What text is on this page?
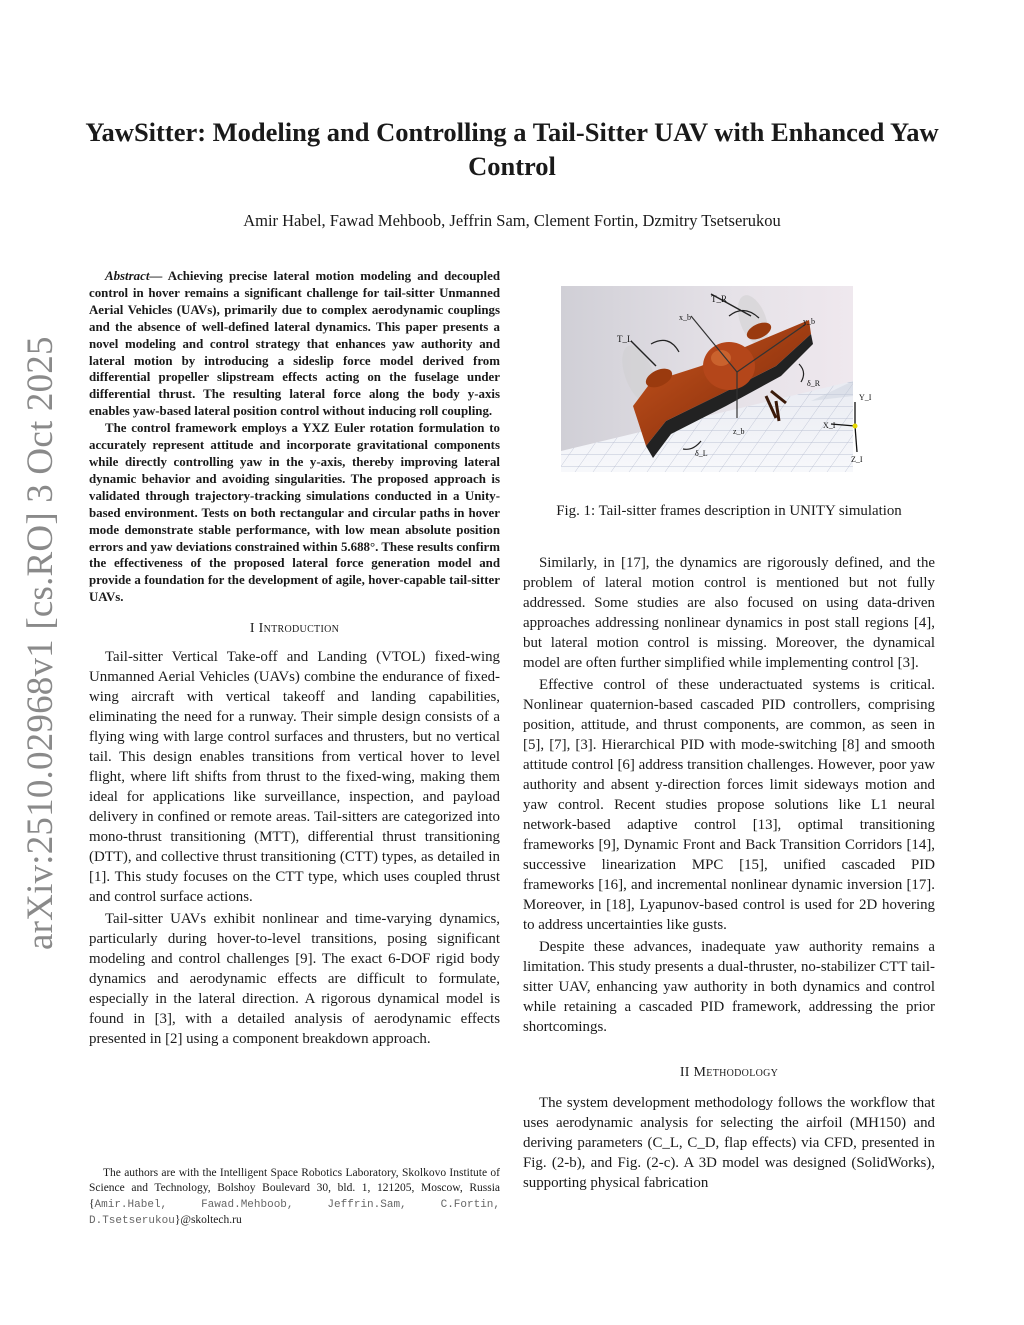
arXiv:2510.02968v1 [cs.RO] 3 Oct 2025
YawSitter: Modeling and Controlling a Tail-Sitter UAV with Enhanced Yaw Control
Amir Habel, Fawad Mehboob, Jeffrin Sam, Clement Fortin, Dzmitry Tsetserukou

Abstract— Achieving precise lateral motion modeling and decoupled control in hover remains a significant challenge for tail-sitter Unmanned Aerial Vehicles (UAVs), primarily due to complex aerodynamic couplings and the absence of well-defined lateral dynamics. This paper presents a novel modeling and control strategy that enhances yaw authority and lateral motion by introducing a sideslip force model derived from differential propeller slipstream effects acting on the fuselage under differential thrust. The resulting lateral force along the body y-axis enables yaw-based lateral position control without inducing roll coupling.

The control framework employs a YXZ Euler rotation formulation to accurately represent attitude and incorporate gravitational components while directly controlling yaw in the y-axis, thereby improving lateral dynamic behavior and avoiding singularities. The proposed approach is validated through trajectory-tracking simulations conducted in a Unity-based environment. Tests on both rectangular and circular paths in hover mode demonstrate stable performance, with low mean absolute position errors and yaw deviations constrained within 5.688°. These results confirm the effectiveness of the proposed lateral force generation model and provide a foundation for the development of agile, hover-capable tail-sitter UAVs.

I Introduction

Tail-sitter Vertical Take-off and Landing (VTOL) fixed-wing Unmanned Aerial Vehicles (UAVs) combine the endurance of fixed-wing aircraft with vertical takeoff and landing capabilities, eliminating the need for a runway. Their simple design consists of a flying wing with large control surfaces and thrusters, but no vertical tail. This design enables transitions from vertical hover to level flight, where lift shifts from thrust to the fixed-wing, making them ideal for applications like surveillance, inspection, and payload delivery in confined or remote areas. Tail-sitters are categorized into mono-thrust transitioning (MTT), differential thrust transitioning (DTT), and collective thrust transitioning (CTT) types, as detailed in [1]. This study focuses on the CTT type, which uses coupled thrust and control surface actions.

Tail-sitter UAVs exhibit nonlinear and time-varying dynamics, particularly during hover-to-level transitions, posing significant modeling and control challenges [9]. The exact 6-DOF rigid body dynamics and aerodynamic effects are difficult to formulate, especially in the lateral direction. A rigorous dynamical model is found in [3], with a detailed analysis of aerodynamic effects presented in [2] using a component breakdown approach.

The authors are with the Intelligent Space Robotics Laboratory, Skolkovo Institute of Science and Technology, Bolshoy Boulevard 30, bld. 1, 121205, Moscow, Russia {Amir.Habel, Fawad.Mehboob, Jeffrin.Sam, C.Fortin, D.Tsetserukou}@skoltech.ru
z_b
x_b	y_b
T_L
T_R
δ_L
δ_R
Y_I
X_I
Z_I
Fig. 1: Tail-sitter frames description in UNITY simulation

Similarly, in [17], the dynamics are rigorously defined, and the problem of lateral motion control is mentioned but not fully addressed. Some studies are also focused on using data-driven approaches addressing nonlinear dynamics in post stall regions [4], but lateral motion control is missing. Moreover, the dynamical model are often further simplified while implementing control [3].

Effective control of these underactuated systems is critical. Nonlinear quaternion-based cascaded PID controllers, comprising position, attitude, and thrust components, are common, as seen in [5], [7], [3]. Hierarchical PID with mode-switching [8] and smooth attitude control [6] address transition challenges. However, poor yaw authority and absent y-direction forces limit sideways motion and yaw control. Recent studies propose solutions like L1 neural network-based adaptive control [13], optimal transitioning frameworks [9], Dynamic Front and Back Transition Corridors [14], successive linearization MPC [15], unified cascaded PID frameworks [16], and incremental nonlinear dynamic inversion [17]. Moreover, in [18], Lyapunov-based control is used for 2D hovering to address uncertainties like gusts.

Despite these advances, inadequate yaw authority remains a limitation. This study presents a dual-thruster, no-stabilizer CTT tail-sitter UAV, enhancing yaw authority in both dynamics and control while retaining a cascaded PID framework, addressing the prior shortcomings.

II Methodology

The system development methodology follows the workflow that uses aerodynamic analysis for selecting the airfoil (MH150) and deriving parameters (C_L, C_D, flap effects) via CFD, presented in Fig. (2-b), and Fig. (2-c). A 3D model was designed (SolidWorks), supporting physical fabrication
